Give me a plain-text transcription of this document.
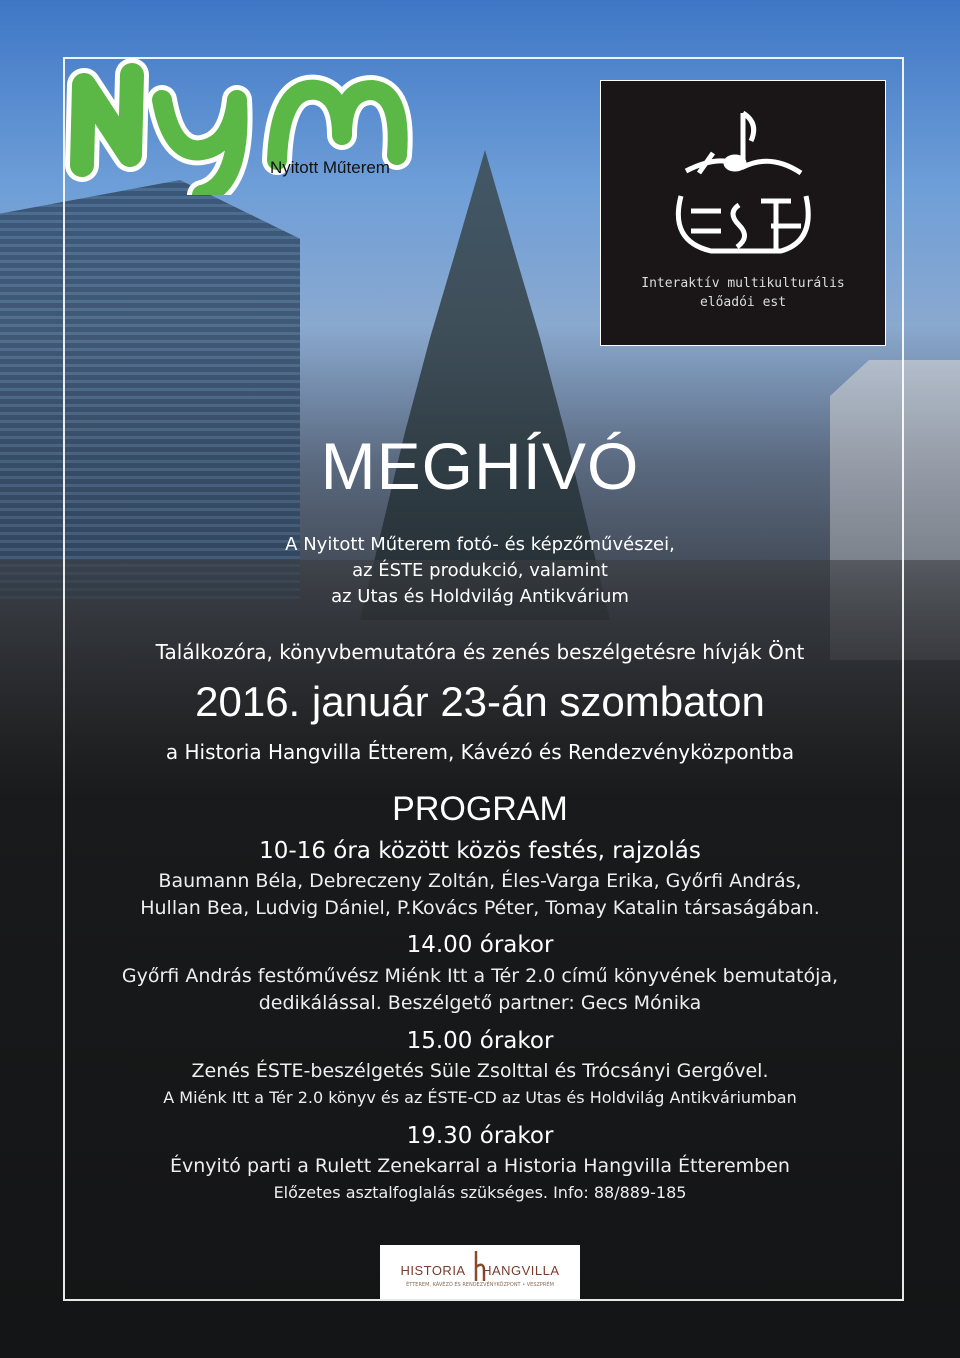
Nyitott Műterem
Interaktív multikulturális
előadói est
MEGHÍVÓ
A Nyitott Műterem fotó- és képzőművészei,
az ÉSTE produkció, valamint
az Utas és Holdvilág Antikvárium
Találkozóra, könyvbemutatóra és zenés beszélgetésre hívják Önt
2016. január 23-án szombaton
a Historia Hangvilla Étterem, Kávézó és Rendezvényközpontba
PROGRAM
10-16 óra között közös festés, rajzolás
Baumann Béla, Debreczeny Zoltán, Éles-Varga Erika, Győrfi András,
Hullan Bea, Ludvig Dániel, P.Kovács Péter, Tomay Katalin társaságában.
14.00 órakor
Győrfi András festőművész Miénk Itt a Tér 2.0 című könyvének bemutatója,
dedikálással. Beszélgető partner: Gecs Mónika
15.00 órakor
Zenés ÉSTE-beszélgetés Süle Zsolttal és Trócsányi Gergővel.
A Miénk Itt a Tér 2.0 könyv és az ÉSTE-CD az Utas és Holdvilág Antikváriumban
19.30 órakor
Évnyitó parti a Rulett Zenekarral a Historia Hangvilla Étteremben
Előzetes asztalfoglalás szükséges. Info: 88/889-185
HISTORIA HANGVILLA
ÉTTEREM, KÁVÉZÓ ÉS RENDEZVÉNYKÖZPONT • VESZPRÉM
